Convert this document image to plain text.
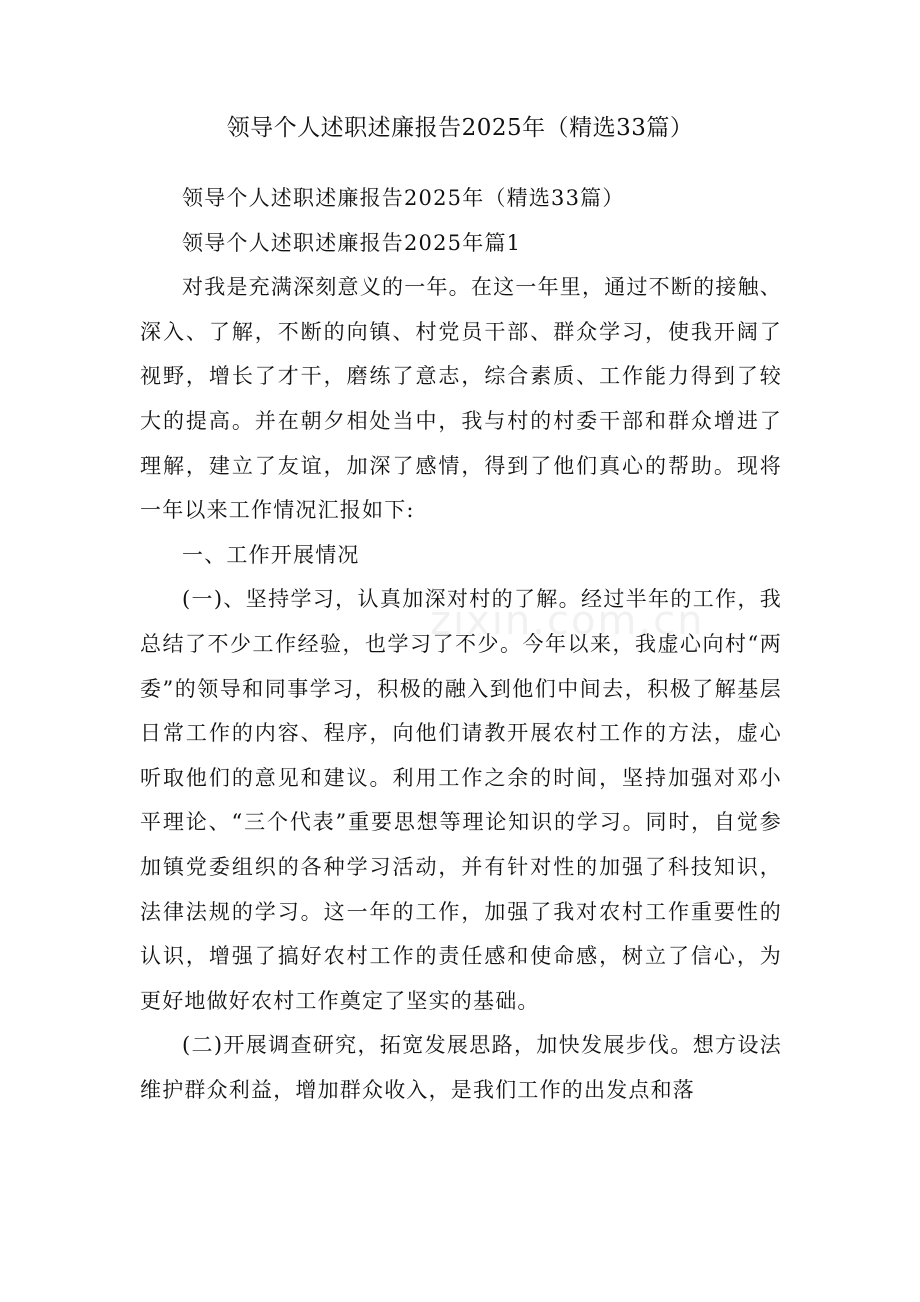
领导个人述职述廉报告2025年（精选33篇）

领导个人述职述廉报告2025年（精选33篇）

领导个人述职述廉报告2025年篇1

对我是充满深刻意义的一年。在这一年里，通过不断的接触、深入、了解，不断的向镇、村党员干部、群众学习，使我开阔了视野，增长了才干，磨练了意志，综合素质、工作能力得到了较大的提高。并在朝夕相处当中，我与村的村委干部和群众增进了理解，建立了友谊，加深了感情，得到了他们真心的帮助。现将一年以来工作情况汇报如下:

一、工作开展情况

(一)、坚持学习，认真加深对村的了解。经过半年的工作，我总结了不少工作经验，也学习了不少。今年以来，我虚心向村“两委”的领导和同事学习，积极的融入到他们中间去，积极了解基层日常工作的内容、程序，向他们请教开展农村工作的方法，虚心听取他们的意见和建议。利用工作之余的时间，坚持加强对邓小平理论、“三个代表”重要思想等理论知识的学习。同时，自觉参加镇党委组织的各种学习活动，并有针对性的加强了科技知识，法律法规的学习。这一年的工作，加强了我对农村工作重要性的认识，增强了搞好农村工作的责任感和使命感，树立了信心，为更好地做好农村工作奠定了坚实的基础。

(二)开展调查研究，拓宽发展思路，加快发展步伐。想方设法维护群众利益，增加群众收入，是我们工作的出发点和落

zixin.com.cn
